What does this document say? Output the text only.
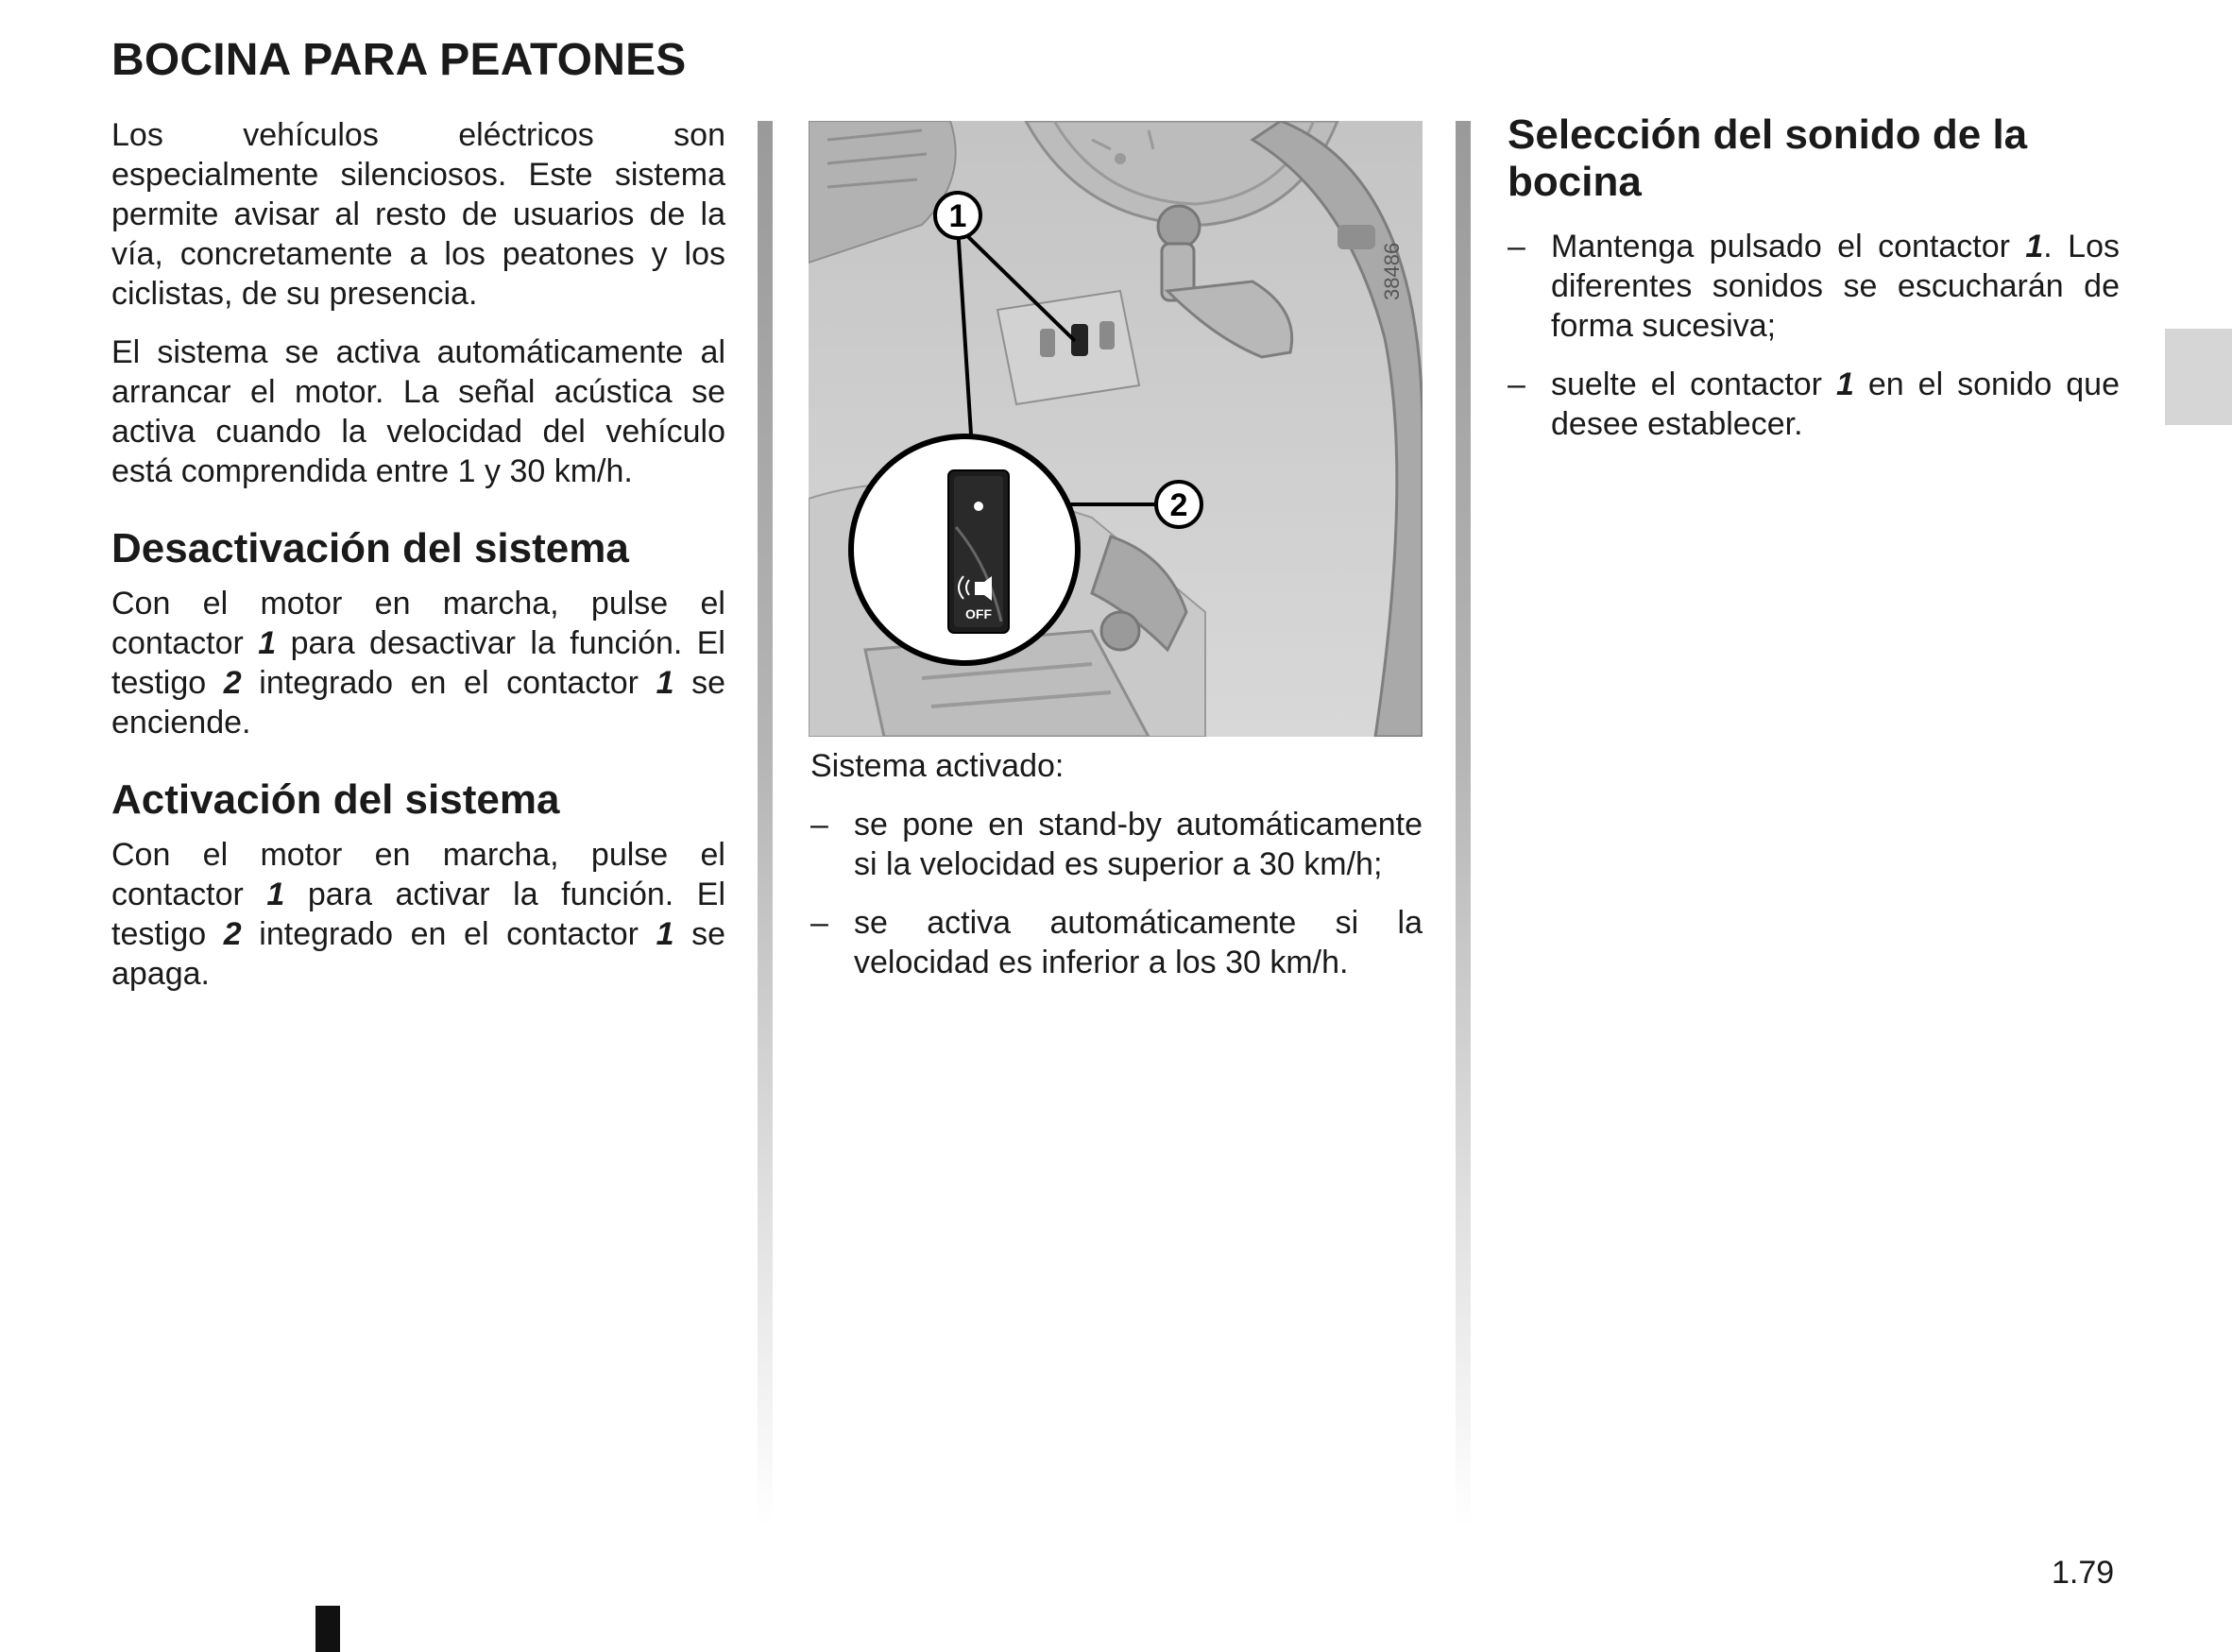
BOCINA PARA PEATONES

Los vehículos eléctricos son especialmente silenciosos. Este sistema permite avisar al resto de usuarios de la vía, concretamente a los peatones y los ciclistas, de su presencia.

El sistema se activa automáticamente al arrancar el motor. La señal acústica se activa cuando la velocidad del vehículo está comprendida entre 1 y 30 km/h.

Desactivación del sistema

Con el motor en marcha, pulse el contactor 1 para desactivar la función. El testigo 2 integrado en el contactor 1 se enciende.

Activación del sistema

Con el motor en marcha, pulse el contactor 1 para activar la función. El testigo 2 integrado en el contactor 1 se apaga.

38486
OFF
1
2

Sistema activado:

– se pone en stand-by automáticamente si la velocidad es superior a 30 km/h;
– se activa automáticamente si la velocidad es inferior a los 30 km/h.
Selección del sonido de la bocina
– Mantenga pulsado el contactor 1. Los diferentes sonidos se escucharán de forma sucesiva;
– suelte el contactor 1 en el sonido que desee establecer.
1.79
